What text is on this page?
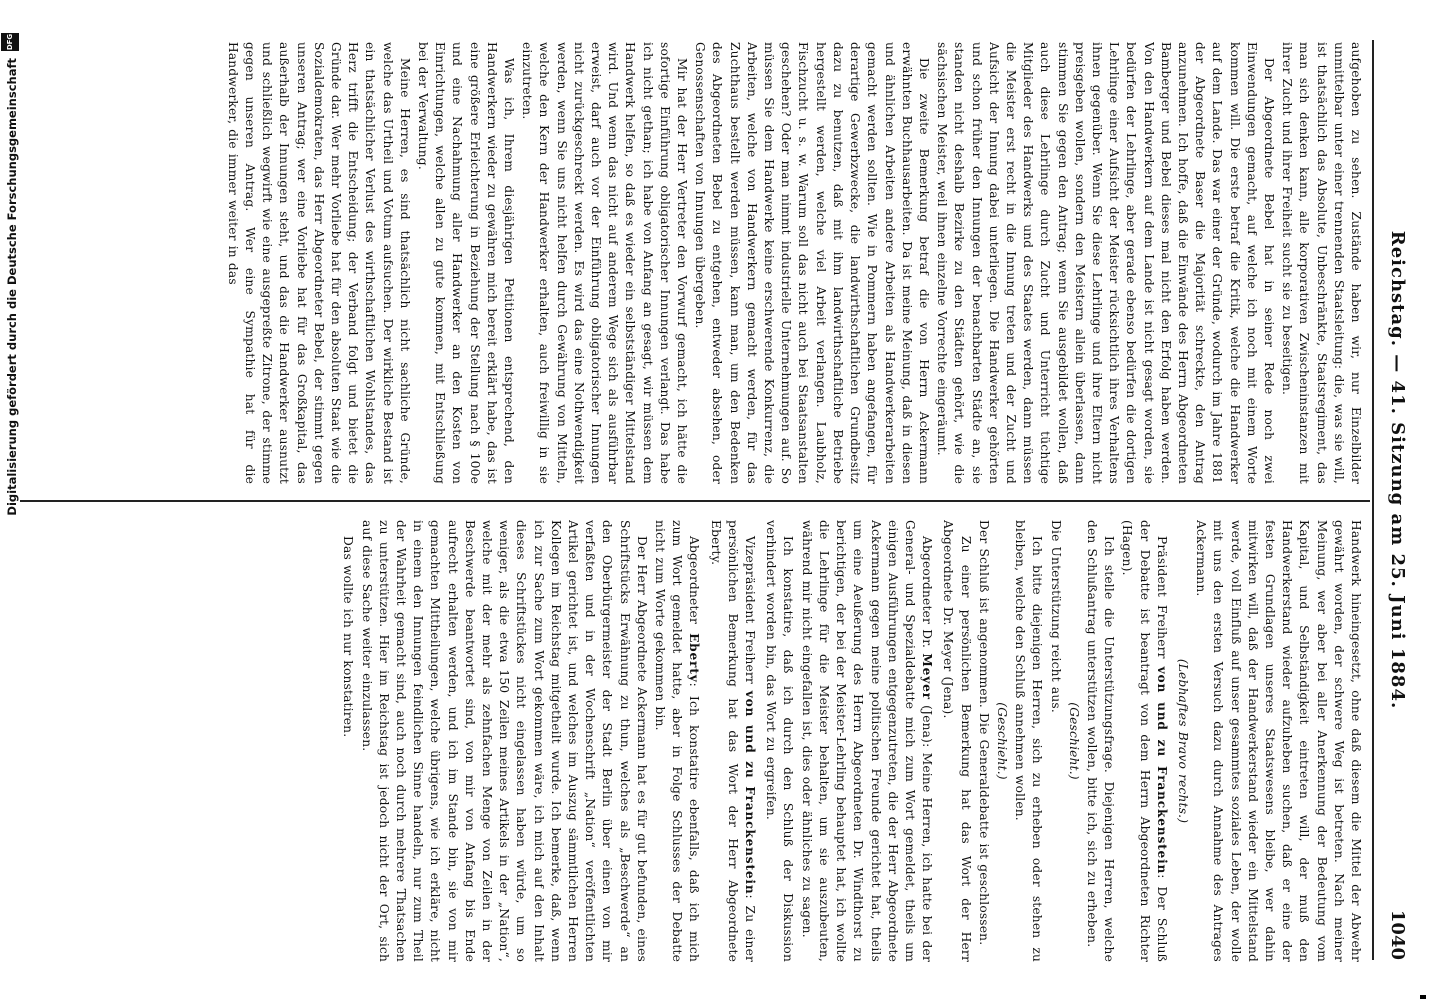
Reichstag. — 41. Sitzung am 25. Juni 1884.
1040

Handwerk hineingesetzt, ohne daß diesem die Mittel der Abwehr gewährt worden, der schwere Weg ist betreten. Nach meiner Meinung, wer aber bei aller Anerkennung der Bedeutung vom Kapital, und Selbständigkeit eintreten will, der muß den Handwerkerstand wieder aufzuheben suchen, daß er eine der festen Grundlagen unseres Staatswesens bleibe, wer dahin mitwirken will, daß der Handwerkerstand wieder ein Mittelstand werde, voll Einfluß auf unser gesammtes soziales Leben, der wolle mit uns den ersten Versuch dazu durch Annahme des Antrages Ackermann.

(Lebhaftes Bravo rechts.)

Präsident Freiherr von und zu Franckenstein: Der Schluß der Debatte ist beantragt von dem Herrn Abgeordneten Richter (Hagen).

Ich stelle die Unterstützungsfrage. Diejenigen Herren, welche den Schlußantrag unterstützen wollen, bitte ich, sich zu erheben.

(Geschieht.)

Die Unterstützung reicht aus.

Ich bitte diejenigen Herren, sich zu erheben oder stehen zu bleiben, welche den Schluß annehmen wollen.

(Geschieht.)

Der Schluß ist angenommen. Die Generaldebatte ist geschlossen.

Zu einer persönlichen Bemerkung hat das Wort der Herr Abgeordnete Dr. Meyer (Jena).

Abgeordneter Dr. Meyer (Jena): Meine Herren, ich hatte bei der General- und Spezialdebatte mich zum Wort gemeldet, theils um einigen Ausführungen entgegenzutreten, die der Herr Abgeordnete Ackermann gegen meine politischen Freunde gerichtet hat, theils um eine Aeußerung des Herrn Abgeordneten Dr. Windthorst zu berichtigen, der bei der Meister-Lehrling behauptet hat, ich wollte die Lehrlinge für die Meister behalten, um sie auszubeuten, während mir nicht eingefallen ist, dies oder ähnliches zu sagen.

Ich konstatire, daß ich durch den Schluß der Diskussion verhindert worden bin, das Wort zu ergreifen.

Vizepräsident Freiherr von und zu Franckenstein: Zu einer persönlichen Bemerkung hat das Wort der Herr Abgeordnete Eberty.

Abgeordneter Eberty: Ich konstatire ebenfalls, daß ich mich zum Wort gemeldet hatte, aber in Folge Schlusses der Debatte nicht zum Worte gekommen bin.

Der Herr Abgeordnete Ackermann hat es für gut befunden, eines Schriftstücks Erwähnung zu thun, welches als „Beschwerde“ an den Oberbürgermeister der Stadt Berlin über einen von mir verfaßten und in der Wochenschrift „Nation“ veröffentlichten Artikel gerichtet ist, und welches im Auszug sämmtlichen Herren Kollegen im Reichstag mitgetheilt wurde. Ich bemerke, daß, wenn ich zur Sache zum Wort gekommen wäre, ich mich auf den Inhalt dieses Schriftstückes nicht eingelassen haben würde, um so weniger, als die etwa 150 Zeilen meines Artikels in der „Nation“, welche mit der mehr als zehnfachen Menge von Zeilen in der Beschwerde beantwortet sind, von mir von Anfang bis Ende aufrecht erhalten werden, und ich im Stande bin, sie von mir gemachten Mittheilungen, welche übrigens, wie ich erkläre, nicht in einem den Innungen feindlichen Sinne handeln, nur zum Theil der Wahrheit gemacht sind, auch noch durch mehrere Thatsachen zu unterstützen. Hier im Reichstag ist jedoch nicht der Ort, sich auf diese Sache weiter einzulassen.

Das wollte ich nur konstatiren.

aufgehoben zu sehen. Zustände haben wir, nur Einzelbilder unmittelbar unter einer trennenden Staatsleitung: die, was sie will, ist thatsächlich das Absolute, Unbeschränkte, Staatsregiment, das man sich denken kann, alle korporativen Zwischeninstanzen mit ihrer Zucht und ihrer Freiheit sucht sie zu beseitigen.

Der Abgeordnete Bebel hat in seiner Rede noch zwei Einwendungen gemacht, auf welche ich noch mit einem Worte kommen will. Die erste betraf die Kritik, welche die Handwerker auf dem Lande. Das war einer der Gründe, wodurch im Jahre 1881 der Abgeordnete Baser die Majorität schreckte, den Antrag anzunehmen. Ich hoffe, daß die Einwände des Herrn Abgeordneten Bamberger und Bebel dieses mal nicht den Erfolg haben werden. Von den Handwerkern auf dem Lande ist nicht gesagt worden, sie bedürfen der Lehrlinge, aber gerade ebenso bedürfen die dortigen Lehrlinge einer Aufsicht der Meister rücksichtlich ihres Verhaltens ihnen gegenüber. Wenn Sie diese Lehrlinge und ihre Eltern nicht preisgeben wollen, sondern den Meistern allein überlassen, dann stimmen Sie gegen den Antrag; wenn Sie ausgebildet wollen, daß auch diese Lehrlinge durch Zucht und Unterricht tüchtige Mitglieder des Handwerks und des Staates werden, dann müssen die Meister erst recht in die Innung treten und der Zucht und Aufsicht der Innung dabei unterliegen. Die Handwerker gehörten und schon früher den Innungen der benachbarten Städte an, sie standen nicht deshalb Bezirke zu den Städten gehört, wie die sächsischen Meister, weil ihnen einzelne Vorrechte eingeräumt.

Die zweite Bemerkung betraf die von Herrn Ackermann erwähnten Buchhausarbeiten. Da ist meine Meinung, daß in diesen und ähnlichen Arbeiten andere Arbeiten als Handwerkerarbeiten gemacht werden sollten. Wie in Pommern haben angefangen, für derartige Gewerbzwecke, die landwirthschaftlichen Grundbesitz dazu zu benutzen, daß mit ihm landwirthschaftliche Betriebe hergestellt werden, welche viel Arbeit verlangen. Laubholz, Fischzucht u. s. w. Warum soll das nicht auch bei Staatsanstalten geschehen? Oder man nimmt industrielle Unternehmungen auf. So müssen Sie dem Handwerke keine erschwerende Konkurrenz, die Arbeiten, welche von Handwerkern gemacht werden, für das Zuchthaus bestellt werden müssen, kann man, um den Bedenken des Abgeordneten Bebel zu entgehen, entweder absehen, oder Genossenschaften von Innungen übergeben.

Mir hat der Herr Vertreter den Vorwurf gemacht, ich hätte die sofortige Einführung obligatorischer Innungen verlangt. Das habe ich nicht gethan; ich habe von Anfang an gesagt, wir müssen dem Handwerk helfen, so daß es wieder ein selbstständiger Mittelstand wird. Und wenn das nicht auf anderem Wege sich als ausführbar erweist, darf auch vor der Einführung obligatorischer Innungen nicht zurückgeschreckt werden. Es wird das eine Nothwendigkeit werden, wenn Sie uns nicht helfen durch Gewährung von Mitteln, welche den Kern der Handwerker erhalten, auch freiwillig in sie einzutreten.

Was ich, Ihrem diesjährigen Petitionen entsprechend, den Handwerkern wieder zu gewähren mich bereit erklärt habe, das ist eine größere Erleichterung in Beziehung der Stellung nach § 100e und eine Nachahmung aller Handwerker an den Kosten von Einrichtungen, welche allen zu gute kommen, mit Entschließung bei der Verwaltung.

Meine Herren, es sind thatsächlich nicht sachliche Gründe, welche das Urtheil und Votum aufsuchen. Der wirkliche Bestand ist ein thatsächlicher Verlust des wirthschaftlichen Wohlstandes, das Herz trifft die Entscheidung; der Verband folgt und bietet die Gründe dar. Wer mehr Vorliebe hat für den absoluten Staat wie die Sozialdemokraten, das Herr Abgeordneter Bebel, der stimmt gegen unseren Antrag; wer eine Vorliebe hat für das Großkapital, das außerhalb der Innungen steht, und das die Handwerker ausnutzt und schließlich wegwirft wie eine ausgepreßte Zitrone, der stimme gegen unseren Antrag. Wer eine Sympathie hat für die Handwerker, die immer weiter in das

Digitalisierung gefördert durch die Deutsche Forschungsgemeinschaft
DFG
